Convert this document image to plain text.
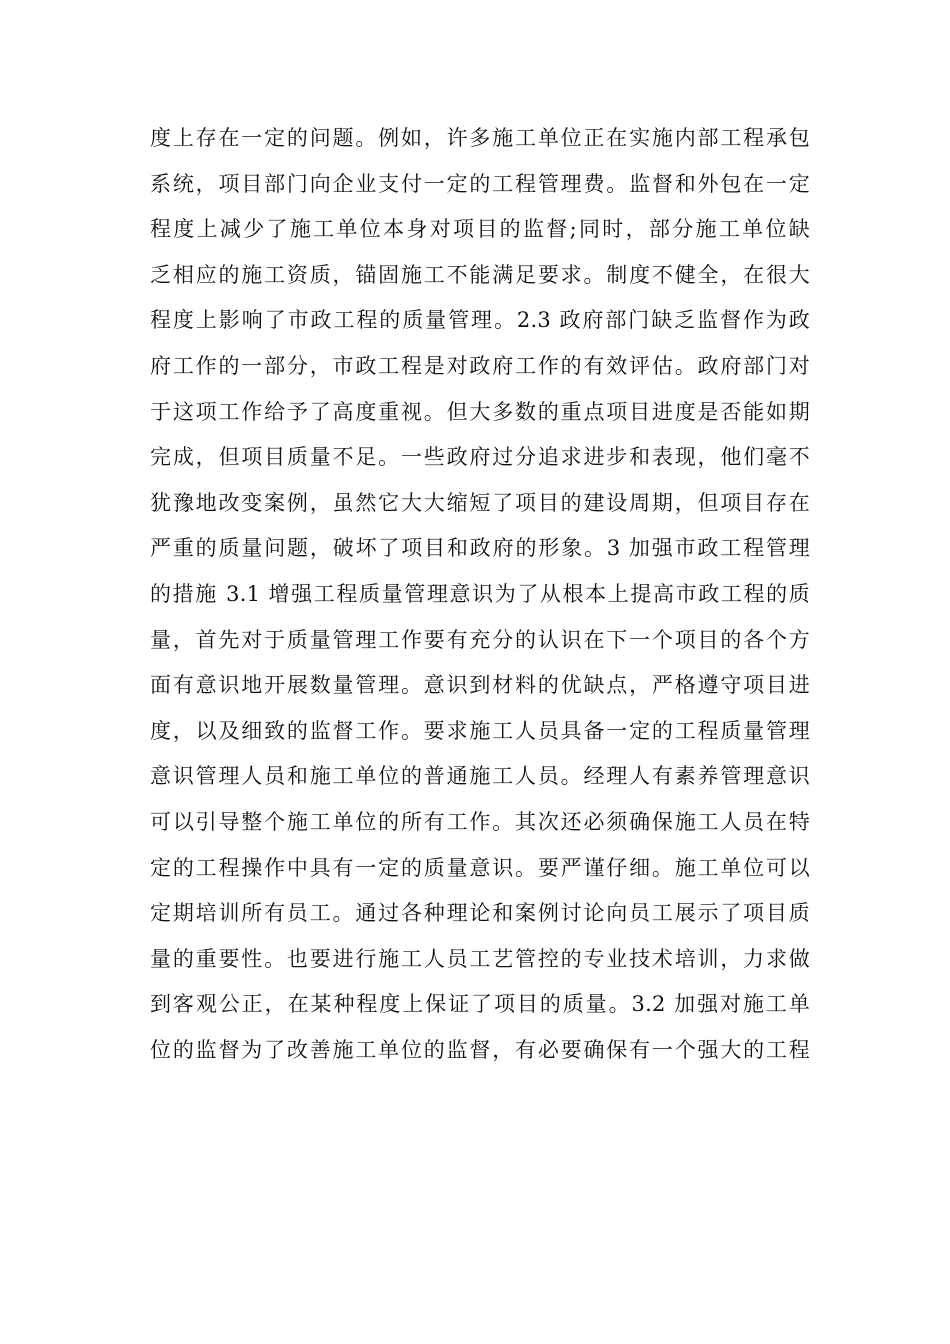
度上存在一定的问题。例如，许多施工单位正在实施内部工程承包
系统，项目部门向企业支付一定的工程管理费。监督和外包在一定
程度上减少了施工单位本身对项目的监督;同时，部分施工单位缺
乏相应的施工资质，锚固施工不能满足要求。制度不健全，在很大
程度上影响了市政工程的质量管理。2.3 政府部门缺乏监督作为政
府工作的一部分，市政工程是对政府工作的有效评估。政府部门对
于这项工作给予了高度重视。但大多数的重点项目进度是否能如期
完成，但项目质量不足。一些政府过分追求进步和表现，他们毫不
犹豫地改变案例，虽然它大大缩短了项目的建设周期，但项目存在
严重的质量问题，破坏了项目和政府的形象。3 加强市政工程管理
的措施 3.1 增强工程质量管理意识为了从根本上提高市政工程的质
量，首先对于质量管理工作要有充分的认识在下一个项目的各个方
面有意识地开展数量管理。意识到材料的优缺点，严格遵守项目进
度，以及细致的监督工作。要求施工人员具备一定的工程质量管理
意识管理人员和施工单位的普通施工人员。经理人有素养管理意识
可以引导整个施工单位的所有工作。其次还必须确保施工人员在特
定的工程操作中具有一定的质量意识。要严谨仔细。施工单位可以
定期培训所有员工。通过各种理论和案例讨论向员工展示了项目质
量的重要性。也要进行施工人员工艺管控的专业技术培训，力求做
到客观公正，在某种程度上保证了项目的质量。3.2 加强对施工单
位的监督为了改善施工单位的监督，有必要确保有一个强大的工程
